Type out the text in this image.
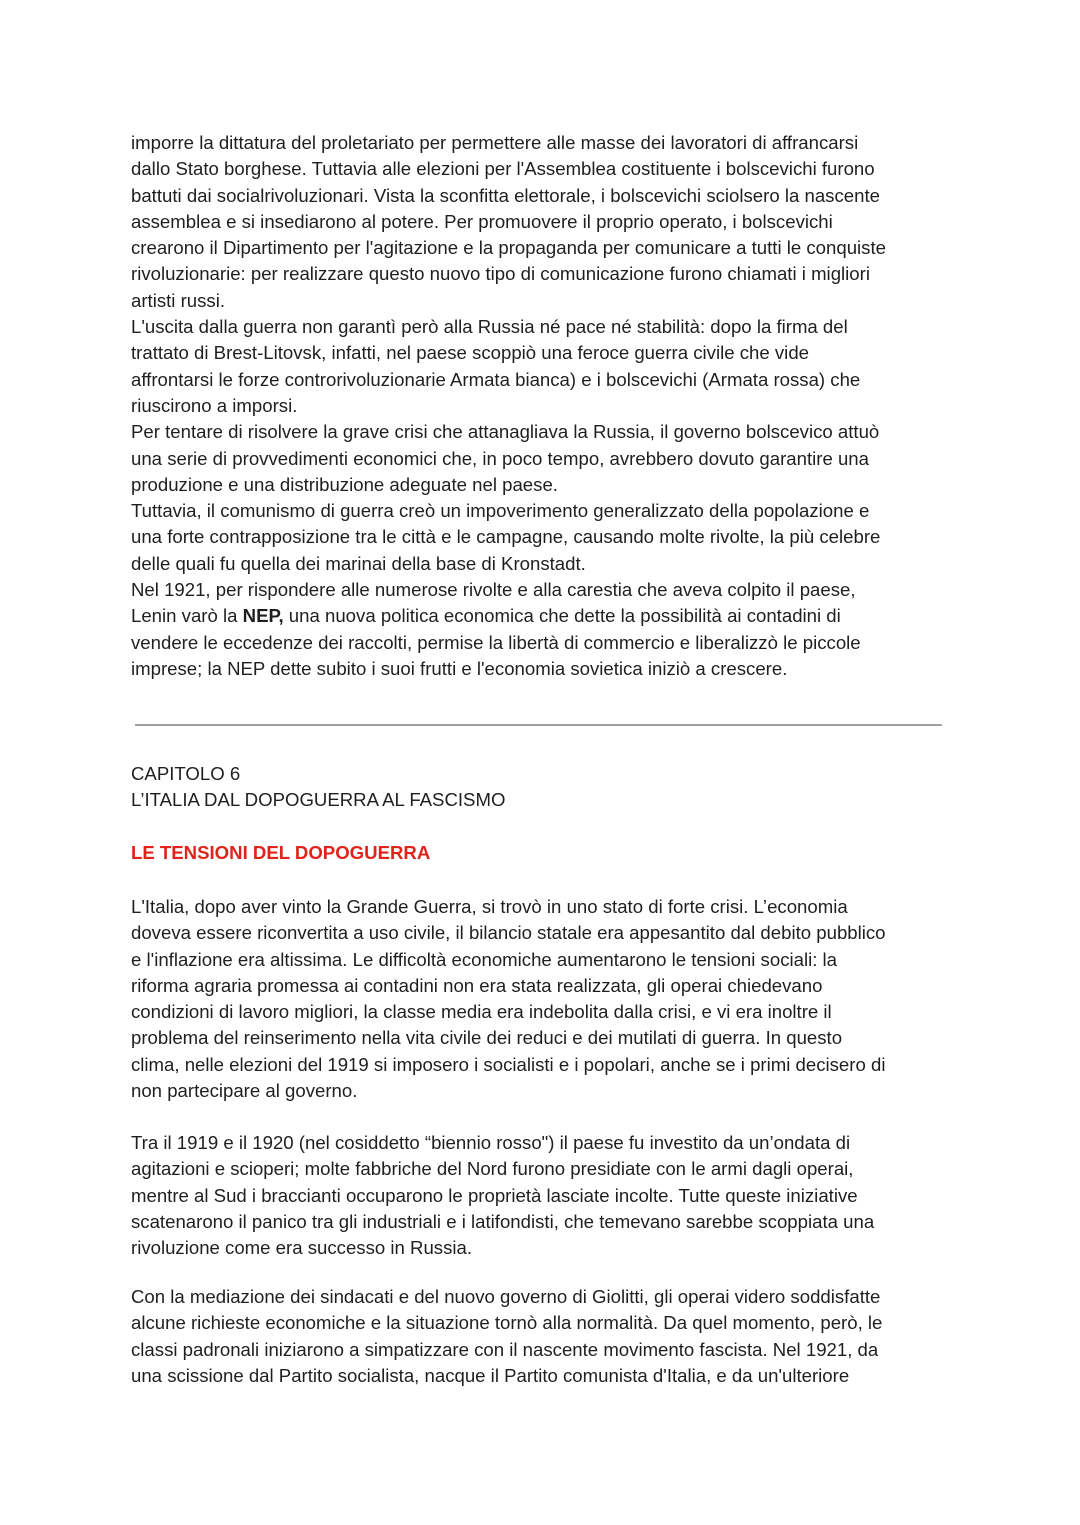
imporre la dittatura del proletariato per permettere alle masse dei lavoratori di affrancarsi
dallo Stato borghese. Tuttavia alle elezioni per l'Assemblea costituente i bolscevichi furono
battuti dai socialrivoluzionari. Vista la sconfitta elettorale, i bolscevichi sciolsero la nascente
assemblea e si insediarono al potere. Per promuovere il proprio operato, i bolscevichi
crearono il Dipartimento per l'agitazione e la propaganda per comunicare a tutti le conquiste
rivoluzionarie: per realizzare questo nuovo tipo di comunicazione furono chiamati i migliori
artisti russi.
L'uscita dalla guerra non garantì però alla Russia né pace né stabilità: dopo la firma del
trattato di Brest-Litovsk, infatti, nel paese scoppiò una feroce guerra civile che vide
affrontarsi le forze controrivoluzionarie Armata bianca) e i bolscevichi (Armata rossa) che
riuscirono a imporsi.
Per tentare di risolvere la grave crisi che attanagliava la Russia, il governo bolscevico attuò
una serie di provvedimenti economici che, in poco tempo, avrebbero dovuto garantire una
produzione e una distribuzione adeguate nel paese.
Tuttavia, il comunismo di guerra creò un impoverimento generalizzato della popolazione e
una forte contrapposizione tra le città e le campagne, causando molte rivolte, la più celebre
delle quali fu quella dei marinai della base di Kronstadt.
Nel 1921, per rispondere alle numerose rivolte e alla carestia che aveva colpito il paese,
Lenin varò la NEP, una nuova politica economica che dette la possibilità ai contadini di
vendere le eccedenze dei raccolti, permise la libertà di commercio e liberalizzò le piccole
imprese; la NEP dette subito i suoi frutti e l'economia sovietica iniziò a crescere.
CAPITOLO 6
L’ITALIA DAL DOPOGUERRA AL FASCISMO
LE TENSIONI DEL DOPOGUERRA
L'Italia, dopo aver vinto la Grande Guerra, si trovò in uno stato di forte crisi. L’economia
doveva essere riconvertita a uso civile, il bilancio statale era appesantito dal debito pubblico
e l'inflazione era altissima. Le difficoltà economiche aumentarono le tensioni sociali: la
riforma agraria promessa ai contadini non era stata realizzata, gli operai chiedevano
condizioni di lavoro migliori, la classe media era indebolita dalla crisi, e vi era inoltre il
problema del reinserimento nella vita civile dei reduci e dei mutilati di guerra. In questo
clima, nelle elezioni del 1919 si imposero i socialisti e i popolari, anche se i primi decisero di
non partecipare al governo.
Tra il 1919 e il 1920 (nel cosiddetto “biennio rosso") il paese fu investito da un’ondata di
agitazioni e scioperi; molte fabbriche del Nord furono presidiate con le armi dagli operai,
mentre al Sud i braccianti occuparono le proprietà lasciate incolte. Tutte queste iniziative
scatenarono il panico tra gli industriali e i latifondisti, che temevano sarebbe scoppiata una
rivoluzione come era successo in Russia.
Con la mediazione dei sindacati e del nuovo governo di Giolitti, gli operai videro soddisfatte
alcune richieste economiche e la situazione tornò alla normalità. Da quel momento, però, le
classi padronali iniziarono a simpatizzare con il nascente movimento fascista. Nel 1921, da
una scissione dal Partito socialista, nacque il Partito comunista d'Italia, e da un'ulteriore
